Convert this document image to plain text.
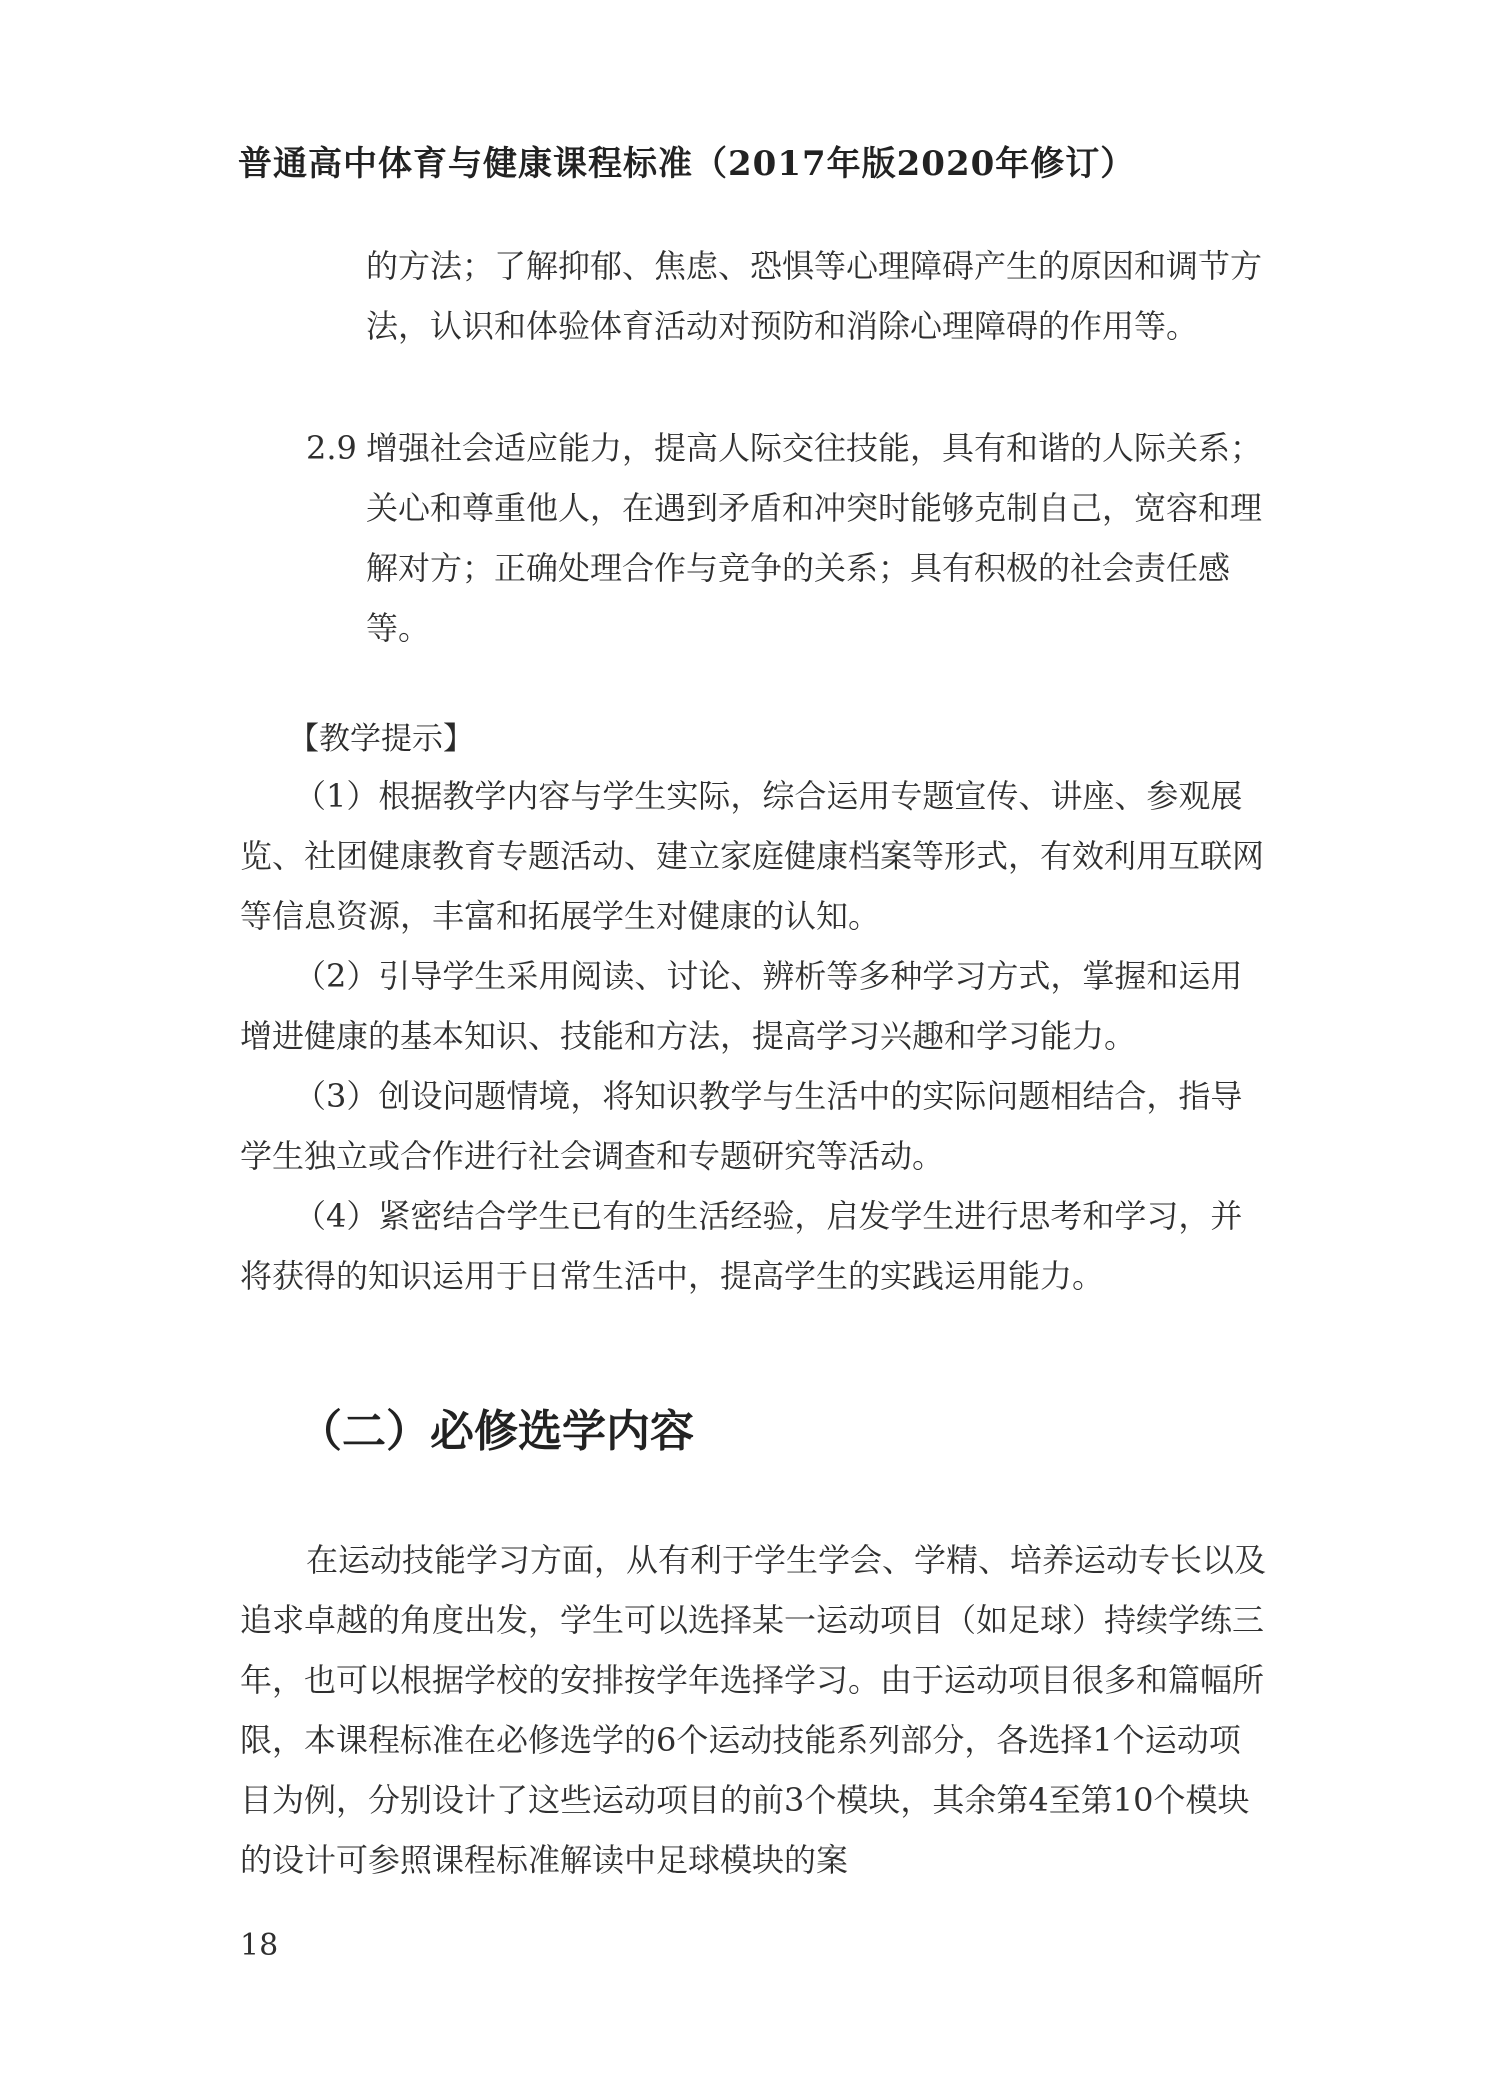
普通高中体育与健康课程标准（2017年版2020年修订）
的方法；了解抑郁、焦虑、恐惧等心理障碍产生的原因和调节方法，认识和体验体育活动对预防和消除心理障碍的作用等。
2.9 增强社会适应能力，提高人际交往技能，具有和谐的人际关系；关心和尊重他人，在遇到矛盾和冲突时能够克制自己，宽容和理解对方；正确处理合作与竞争的关系；具有积极的社会责任感等。
【教学提示】

（1）根据教学内容与学生实际，综合运用专题宣传、讲座、参观展览、社团健康教育专题活动、建立家庭健康档案等形式，有效利用互联网等信息资源，丰富和拓展学生对健康的认知。

（2）引导学生采用阅读、讨论、辨析等多种学习方式，掌握和运用增进健康的基本知识、技能和方法，提高学习兴趣和学习能力。

（3）创设问题情境，将知识教学与生活中的实际问题相结合，指导学生独立或合作进行社会调查和专题研究等活动。

（4）紧密结合学生已有的生活经验，启发学生进行思考和学习，并将获得的知识运用于日常生活中，提高学生的实践运用能力。

（二）必修选学内容

在运动技能学习方面，从有利于学生学会、学精、培养运动专长以及追求卓越的角度出发，学生可以选择某一运动项目（如足球）持续学练三年，也可以根据学校的安排按学年选择学习。由于运动项目很多和篇幅所限，本课程标准在必修选学的6个运动技能系列部分，各选择1个运动项目为例，分别设计了这些运动项目的前3个模块，其余第4至第10个模块的设计可参照课程标准解读中足球模块的案

18
